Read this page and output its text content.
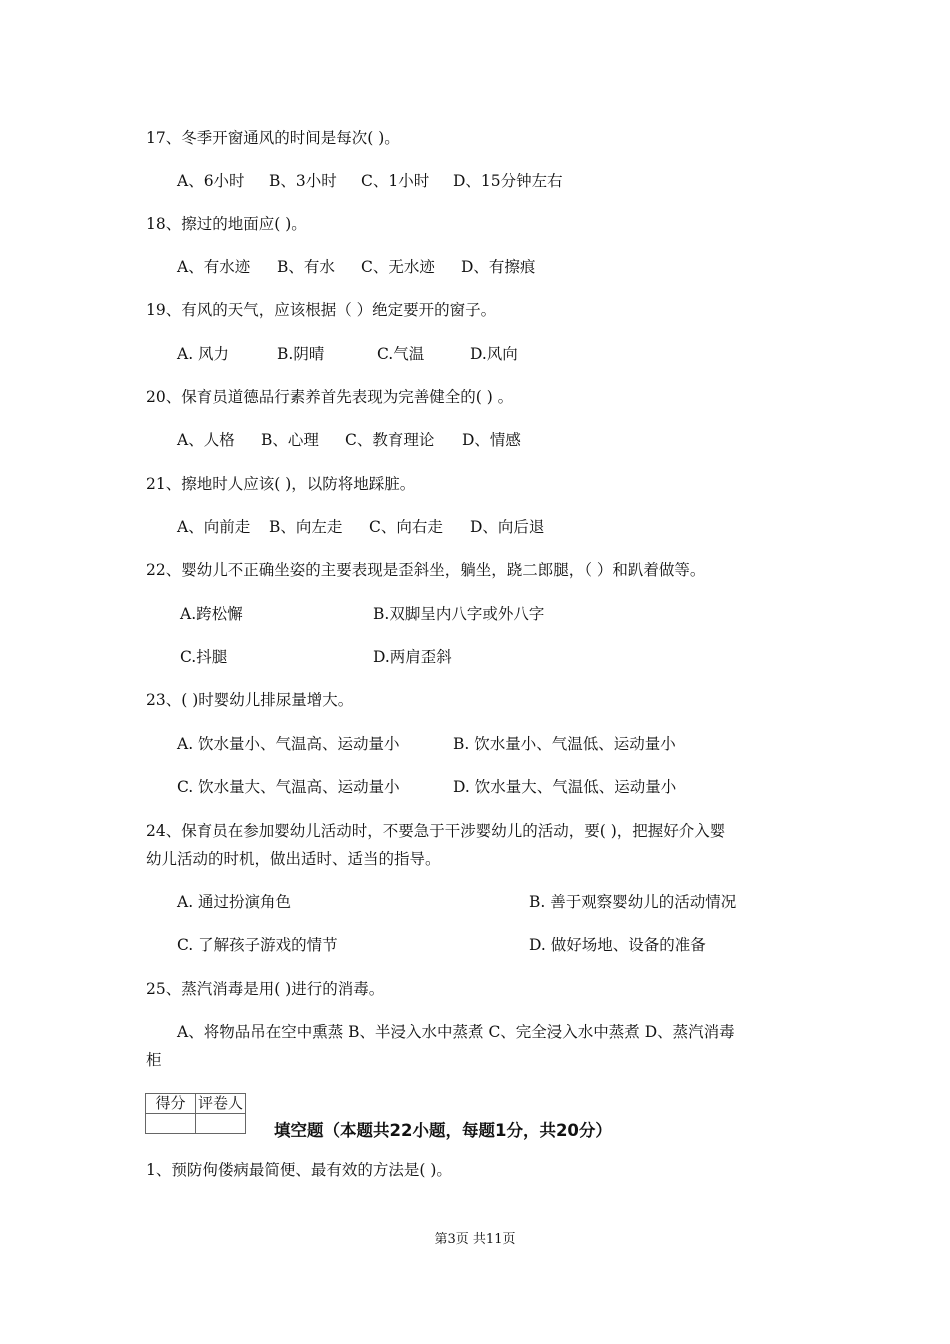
17、冬季开窗通风的时间是每次( )。
A、6小时 B、3小时 C、1小时 D、15分钟左右
18、擦过的地面应( )。
A、有水迹 B、有水 C、无水迹 D、有擦痕
19、有风的天气，应该根据（ ）绝定要开的窗子。
A. 风力	B.阴晴	C.气温	D.风向
20、保育员道德品行素养首先表现为完善健全的( ) 。
A、人格 B、心理 C、教育理论 D、情感
21、擦地时人应该( )，以防将地踩脏。
A、向前走 B、向左走 C、向右走 D、向后退
22、婴幼儿不正确坐姿的主要表现是歪斜坐，躺坐，跷二郎腿，（ ）和趴着做等。
A.跨松懈	B.双脚呈内八字或外八字
C.抖腿	D.两肩歪斜
23、( )时婴幼儿排尿量增大。
A. 饮水量小、气温高、运动量小	B. 饮水量小、气温低、运动量小
C. 饮水量大、气温高、运动量小	D. 饮水量大、气温低、运动量小
24、保育员在参加婴幼儿活动时，不要急于干涉婴幼儿的活动，要( )，把握好介入婴
幼儿活动的时机，做出适时、适当的指导。
A. 通过扮演角色	B. 善于观察婴幼儿的活动情况
C. 了解孩子游戏的情节	D. 做好场地、设备的准备
25、蒸汽消毒是用( )进行的消毒。
A、将物品吊在空中熏蒸 B、半浸入水中蒸煮 C、完全浸入水中蒸煮 D、蒸汽消毒
柜
得分	评卷人

填空题（本题共22小题，每题1分，共20分）
1、预防佝偻病最简便、最有效的方法是( )。
第3页 共11页
